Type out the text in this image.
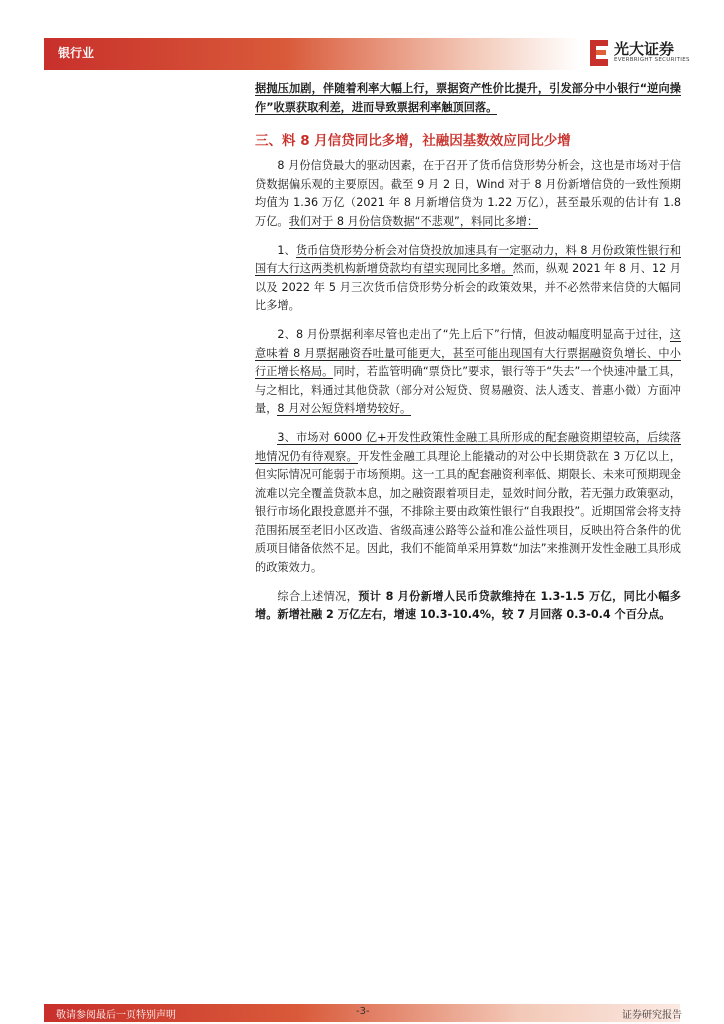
银行业	光大证券
EVERBRIGHT SECURITIES

据抛压加剧，伴随着利率大幅上行，票据资产性价比提升，引发部分中小银行“逆向操作”收票获取利差，进而导致票据利率触顶回落。

三、料 8 月信贷同比多增，社融因基数效应同比少增

8 月份信贷最大的驱动因素，在于召开了货币信贷形势分析会，这也是市场对于信贷数据偏乐观的主要原因。截至 9 月 2 日，Wind 对于 8 月份新增信贷的一致性预期均值为 1.36 万亿（2021 年 8 月新增信贷为 1.22 万亿），甚至最乐观的估计有 1.8 万亿。我们对于 8 月份信贷数据“不悲观”，料同比多增：

1、货币信贷形势分析会对信贷投放加速具有一定驱动力，料 8 月份政策性银行和国有大行这两类机构新增贷款均有望实现同比多增。然而，纵观 2021 年 8 月、12 月以及 2022 年 5 月三次货币信贷形势分析会的政策效果，并不必然带来信贷的大幅同比多增。

2、8 月份票据利率尽管也走出了“先上后下”行情，但波动幅度明显高于过往，这意味着 8 月票据融资吞吐量可能更大，甚至可能出现国有大行票据融资负增长、中小行正增长格局。同时，若监管明确“票贷比”要求，银行等于“失去”一个快速冲量工具，与之相比，料通过其他贷款（部分对公短贷、贸易融资、法人透支、普惠小微）方面冲量，8 月对公短贷料增势较好。

3、市场对 6000 亿+开发性政策性金融工具所形成的配套融资期望较高，后续落地情况仍有待观察。开发性金融工具理论上能撬动的对公中长期贷款在 3 万亿以上，但实际情况可能弱于市场预期。这一工具的配套融资利率低、期限长、未来可预期现金流难以完全覆盖贷款本息，加之融资跟着项目走，显效时间分散，若无强力政策驱动，银行市场化跟投意愿并不强，不排除主要由政策性银行“自我跟投”。近期国常会将支持范围拓展至老旧小区改造、省级高速公路等公益和准公益性项目，反映出符合条件的优质项目储备依然不足。因此，我们不能简单采用算数“加法”来推测开发性金融工具形成的政策效力。

综合上述情况，预计 8 月份新增人民币贷款维持在 1.3-1.5 万亿，同比小幅多增。新增社融 2 万亿左右，增速 10.3-10.4%，较 7 月回落 0.3-0.4 个百分点。

敬请参阅最后一页特别声明	-3-	证券研究报告
